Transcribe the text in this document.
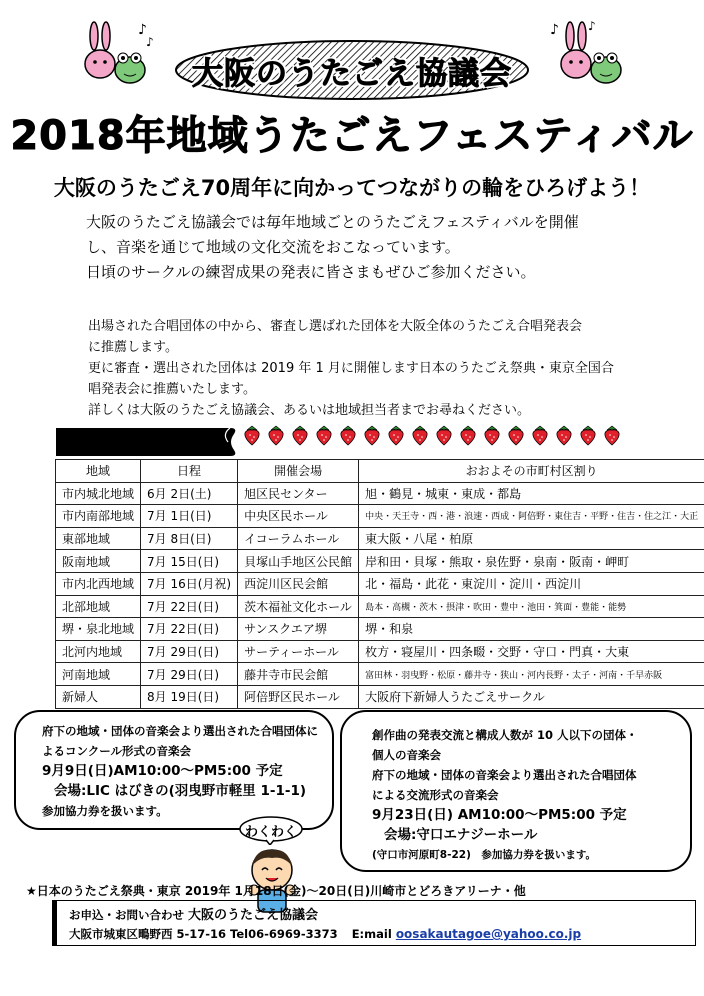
♪
♪
♪ ♪
大阪のうたごえ協議会
2018年地域うたごえフェスティバル
大阪のうたごえ70周年に向かってつながりの輪をひろげよう！
大阪のうたごえ協議会では毎年地域ごとのうたごえフェスティバルを開催
し、音楽を通じて地域の文化交流をおこなっています。
日頃のサークルの練習成果の発表に皆さまもぜひご参加ください。
出場された合唱団体の中から、審査し選ばれた団体を大阪全体のうたごえ合唱発表会
に推薦します。
更に審査・選出された団体は 2019 年 1 月に開催します日本のうたごえ祭典・東京全国合
唱発表会に推薦いたします。
詳しくは大阪のうたごえ協議会、あるいは地域担当者までお尋ねください。
地域音楽会
地域	日程	開催会場	おおよその市町村区割り
市内城北地域	6月 2日(土)	旭区民センター	旭・鶴見・城東・東成・都島
市内南部地域	7月 1日(日)	中央区民ホール	中央・天王寺・西・港・浪速・西成・阿倍野・東住吉・平野・住吉・住之江・大正
東部地域	7月 8日(日)	イコーラムホール	東大阪・八尾・柏原
阪南地域	7月 15日(日)	貝塚山手地区公民館	岸和田・貝塚・熊取・泉佐野・泉南・阪南・岬町
市内北西地域	7月 16日(月祝)	西淀川区民会館	北・福島・此花・東淀川・淀川・西淀川
北部地域	7月 22日(日)	茨木福祉文化ホール	島本・高槻・茨木・摂津・吹田・豊中・池田・箕面・豊能・能勢
堺・泉北地域	7月 22日(日)	サンスクエア堺	堺・和泉
北河内地域	7月 29日(日)	サーティーホール	枚方・寝屋川・四条畷・交野・守口・門真・大東
河南地域	7月 29日(日)	藤井寺市民会館	富田林・羽曳野・松原・藤井寺・狭山・河内長野・太子・河南・千早赤阪
新婦人	8月 19日(日)	阿倍野区民ホール	大阪府下新婦人うたごえサークル
府下の地域・団体の音楽会より選出された合唱団体に
よるコンクール形式の音楽会
9月9日(日)AM10:00～PM5:00 予定
会場:LIC はびきの(羽曳野市軽里 1-1-1)
参加協力券を扱います。
創作曲の発表交流と構成人数が 10 人以下の団体・
個人の音楽会
府下の地域・団体の音楽会より選出された合唱団体
による交流形式の音楽会
9月23日(日) AM10:00～PM5:00 予定
会場:守口エナジーホール
(守口市河原町8-22)　参加協力券を扱います。
わくわく
★日本のうたごえ祭典・東京 2019年 1月18日(金)～20日(日)川崎市とどろきアリーナ・他
お申込・お問い合わせ 大阪のうたごえ協議会
大阪市城東区鴫野西 5-17-16 Tel06-6969-3373 E:mail oosakautagoe@yahoo.co.jp
